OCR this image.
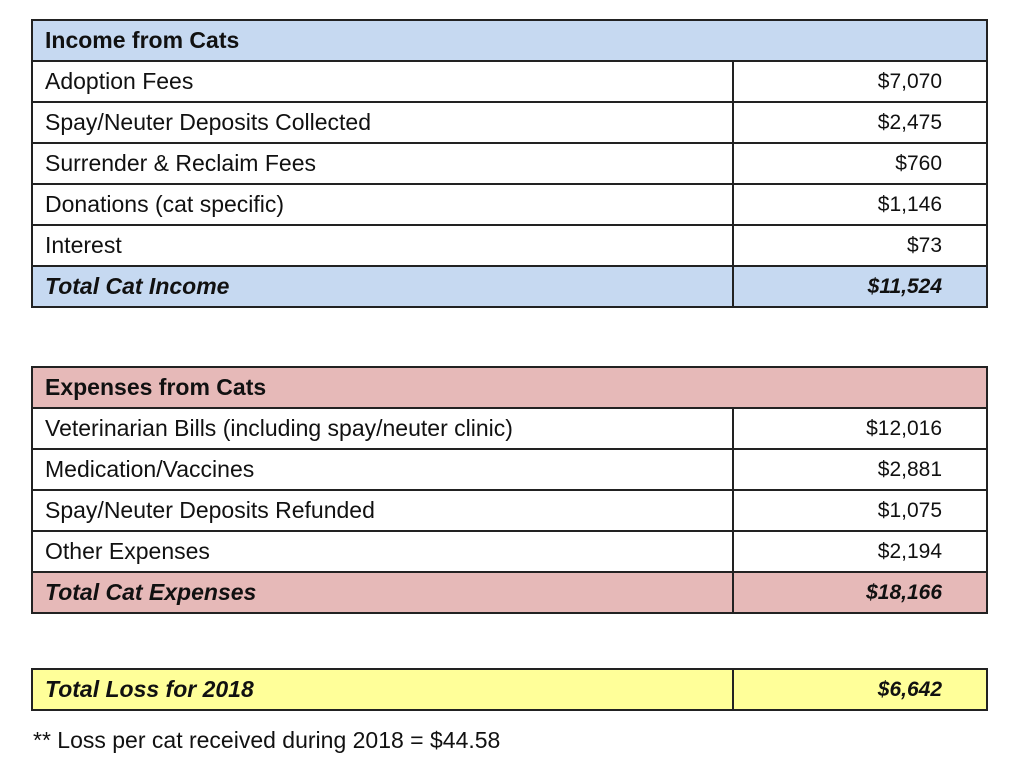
Income from Cats	
Adoption Fees	$7,070
Spay/Neuter Deposits Collected	$2,475
Surrender & Reclaim Fees	$760
Donations (cat specific)	$1,146
Interest	$73
Total Cat Income	$11,524
Expenses from Cats	
Veterinarian Bills (including spay/neuter clinic)	$12,016
Medication/Vaccines	$2,881
Spay/Neuter Deposits Refunded	$1,075
Other Expenses	$2,194
Total Cat Expenses	$18,166
Total Loss for 2018	$6,642
** Loss per cat received during 2018 = $44.58
